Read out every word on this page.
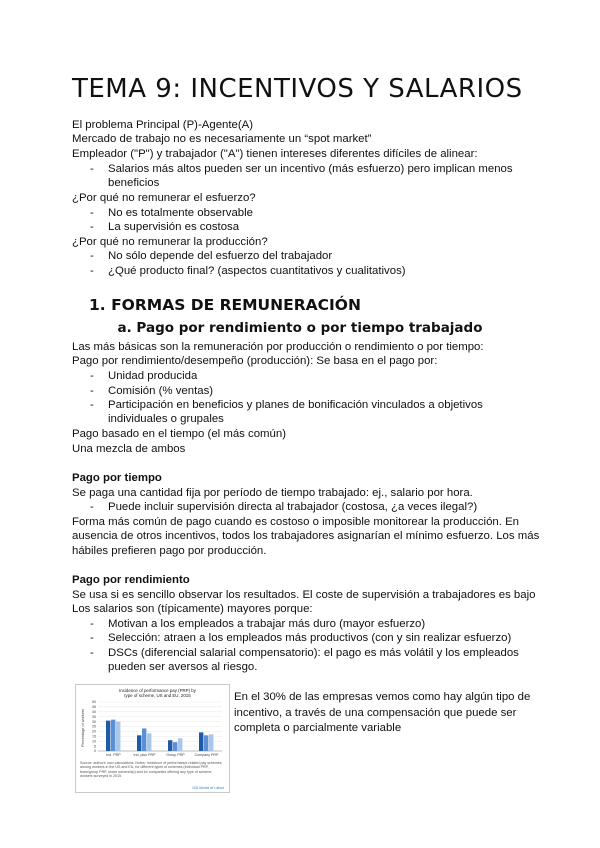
TEMA 9: INCENTIVOS Y SALARIOS

El problema Principal (P)-Agente(A)

Mercado de trabajo no es necesariamente un “spot market”

Empleador ("P") y trabajador ("A") tienen intereses diferentes difíciles de alinear:

- Salarios más altos pueden ser un incentivo (más esfuerzo) pero implican menos

beneficios

¿Por qué no remunerar el esfuerzo?

- No es totalmente observable

- La supervisión es costosa

¿Por qué no remunerar la producción?

- No sólo depende del esfuerzo del trabajador

- ¿Qué producto final? (aspectos cuantitativos y cualitativos)

1. FORMAS DE REMUNERACIÓN
a. Pago por rendimiento o por tiempo trabajado

Las más básicas son la remuneración por producción o rendimiento o por tiempo:

Pago por rendimiento/desempeño (producción): Se basa en el pago por:

- Unidad producida

- Comisión (% ventas)

- Participación en beneficios y planes de bonificación vinculados a objetivos

individuales o grupales

Pago basado en el tiempo (el más común)

Una mezcla de ambos

Pago por tiempo

Se paga una cantidad fija por período de tiempo trabajado: ej., salario por hora.

- Puede incluir supervisión directa al trabajador (costosa, ¿a veces ilegal?)

Forma más común de pago cuando es costoso o imposible monitorear la producción. En

ausencia de otros incentivos, todos los trabajadores asignarían el mínimo esfuerzo. Los más

hábiles prefieren pago por producción.

Pago por rendimiento

Se usa si es sencillo observar los resultados. El coste de supervisión a trabajadores es bajo

Los salarios son (típicamente) mayores porque:

- Motivan a los empleados a trabajar más duro (mayor esfuerzo)

- Selección: atraen a los empleados más productivos (con y sin realizar esfuerzo)

- DSCs (diferencial salarial compensatorio): el pago es más volátil y los empleados

pueden ser aversos al riesgo.

Incidence of performance pay (PRP) by
type of scheme, US and EU, 2015
Percentage of workers
0
5
10
15
20
25
30
35
40
45
50
Ind. PRP	Ind. plus PRP	Group PRP	Company PRP
Source: authors' own calculations. Notes: Incidence of performance-related pay schemes among workers in the US and EU, for different types of schemes (individual PRP, team/group PRP, share ownership) and for companies offering any type of scheme, workers surveyed in 2015.
IZA World of Labor
En el 30% de las empresas vemos como hay algún tipo de
incentivo, a través de una compensación que puede ser
completa o parcialmente variable
